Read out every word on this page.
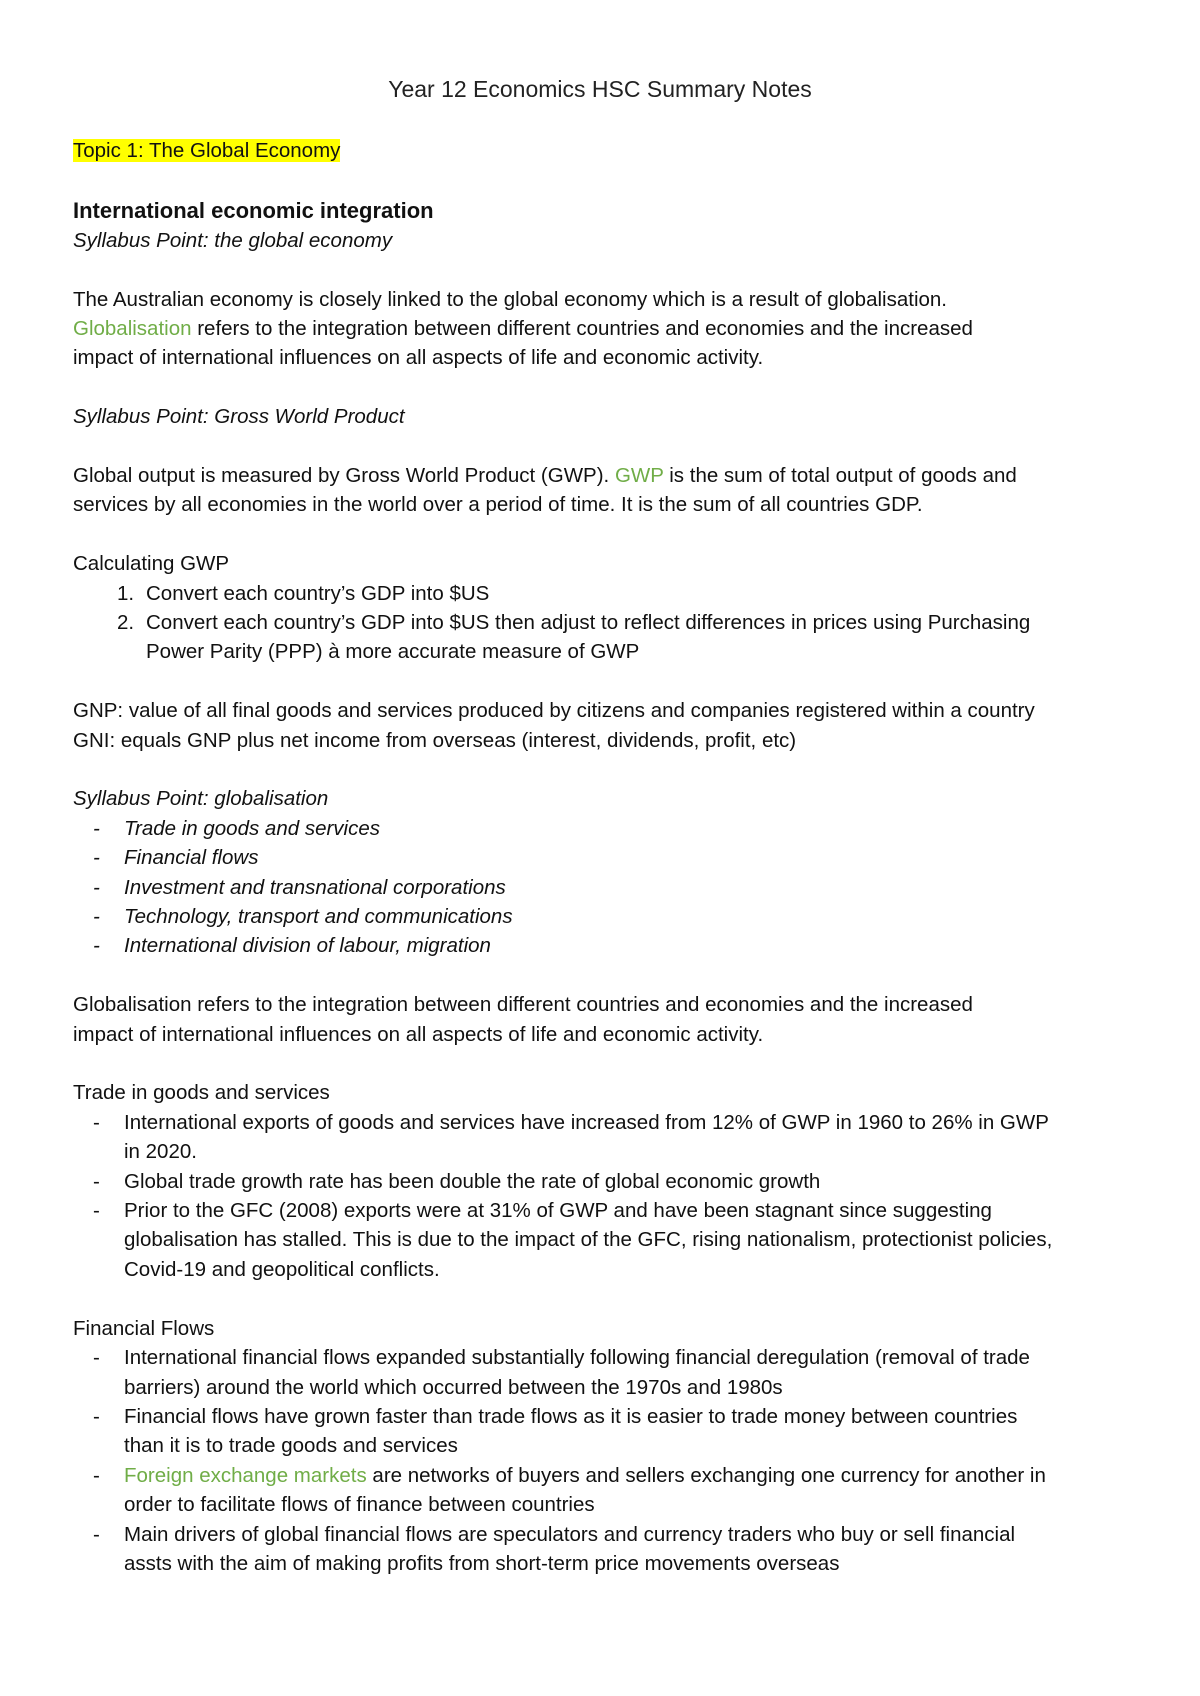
Year 12 Economics HSC Summary Notes
Topic 1: The Global Economy
International economic integration
Syllabus Point: the global economy
The Australian economy is closely linked to the global economy which is a result of globalisation.
Globalisation refers to the integration between different countries and economies and the increased
impact of international influences on all aspects of life and economic activity.
Syllabus Point: Gross World Product
Global output is measured by Gross World Product (GWP). GWP is the sum of total output of goods and
services by all economies in the world over a period of time. It is the sum of all countries GDP.
Calculating GWP
1. Convert each country’s GDP into $US
2. Convert each country’s GDP into $US then adjust to reflect differences in prices using Purchasing
Power Parity (PPP) à more accurate measure of GWP
GNP: value of all final goods and services produced by citizens and companies registered within a country
GNI: equals GNP plus net income from overseas (interest, dividends, profit, etc)
Syllabus Point: globalisation
- Trade in goods and services
- Financial flows
- Investment and transnational corporations
- Technology, transport and communications
- International division of labour, migration
Globalisation refers to the integration between different countries and economies and the increased
impact of international influences on all aspects of life and economic activity.
Trade in goods and services
- International exports of goods and services have increased from 12% of GWP in 1960 to 26% in GWP
in 2020.
- Global trade growth rate has been double the rate of global economic growth
- Prior to the GFC (2008) exports were at 31% of GWP and have been stagnant since suggesting
globalisation has stalled. This is due to the impact of the GFC, rising nationalism, protectionist policies,
Covid-19 and geopolitical conflicts.
Financial Flows
- International financial flows expanded substantially following financial deregulation (removal of trade
barriers) around the world which occurred between the 1970s and 1980s
- Financial flows have grown faster than trade flows as it is easier to trade money between countries
than it is to trade goods and services
- Foreign exchange markets are networks of buyers and sellers exchanging one currency for another in
order to facilitate flows of finance between countries
- Main drivers of global financial flows are speculators and currency traders who buy or sell financial
assts with the aim of making profits from short-term price movements overseas
